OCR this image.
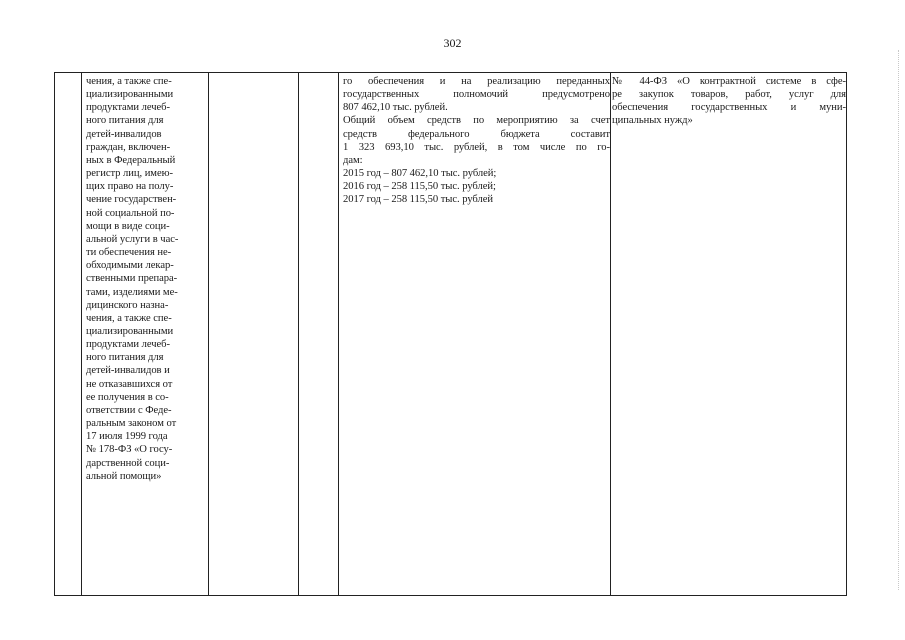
302
чения, а также спе-
циализированными
продуктами лечеб-
ного питания для
детей-инвалидов
граждан, включен-
ных в Федеральный
регистр лиц, имею-
щих право на полу-
чение государствен-
ной социальной по-
мощи в виде соци-
альной услуги в час-
ти обеспечения не-
обходимыми лекар-
ственными препара-
тами, изделиями ме-
дицинского назна-
чения, а также спе-
циализированными
продуктами лечеб-
ного питания для
детей-инвалидов и
не отказавшихся от
ее получения в со-
ответствии с Феде-
ральным законом от
17 июля 1999 года
№ 178-ФЗ «О госу-
дарственной соци-
альной помощи»
го обеспечения и на реализацию переданных
государственных полномочий предусмотрено
807 462,10 тыс. рублей.
Общий объем средств по мероприятию за счет
средств федерального бюджета составит
1 323 693,10 тыс. рублей, в том числе по го-
дам:
2015 год – 807 462,10 тыс. рублей;
2016 год – 258 115,50 тыс. рублей;
2017 год – 258 115,50 тыс. рублей
№ 44-ФЗ «О контрактной системе в сфе-
ре закупок товаров, работ, услуг для
обеспечения государственных и муни-
ципальных нужд»
